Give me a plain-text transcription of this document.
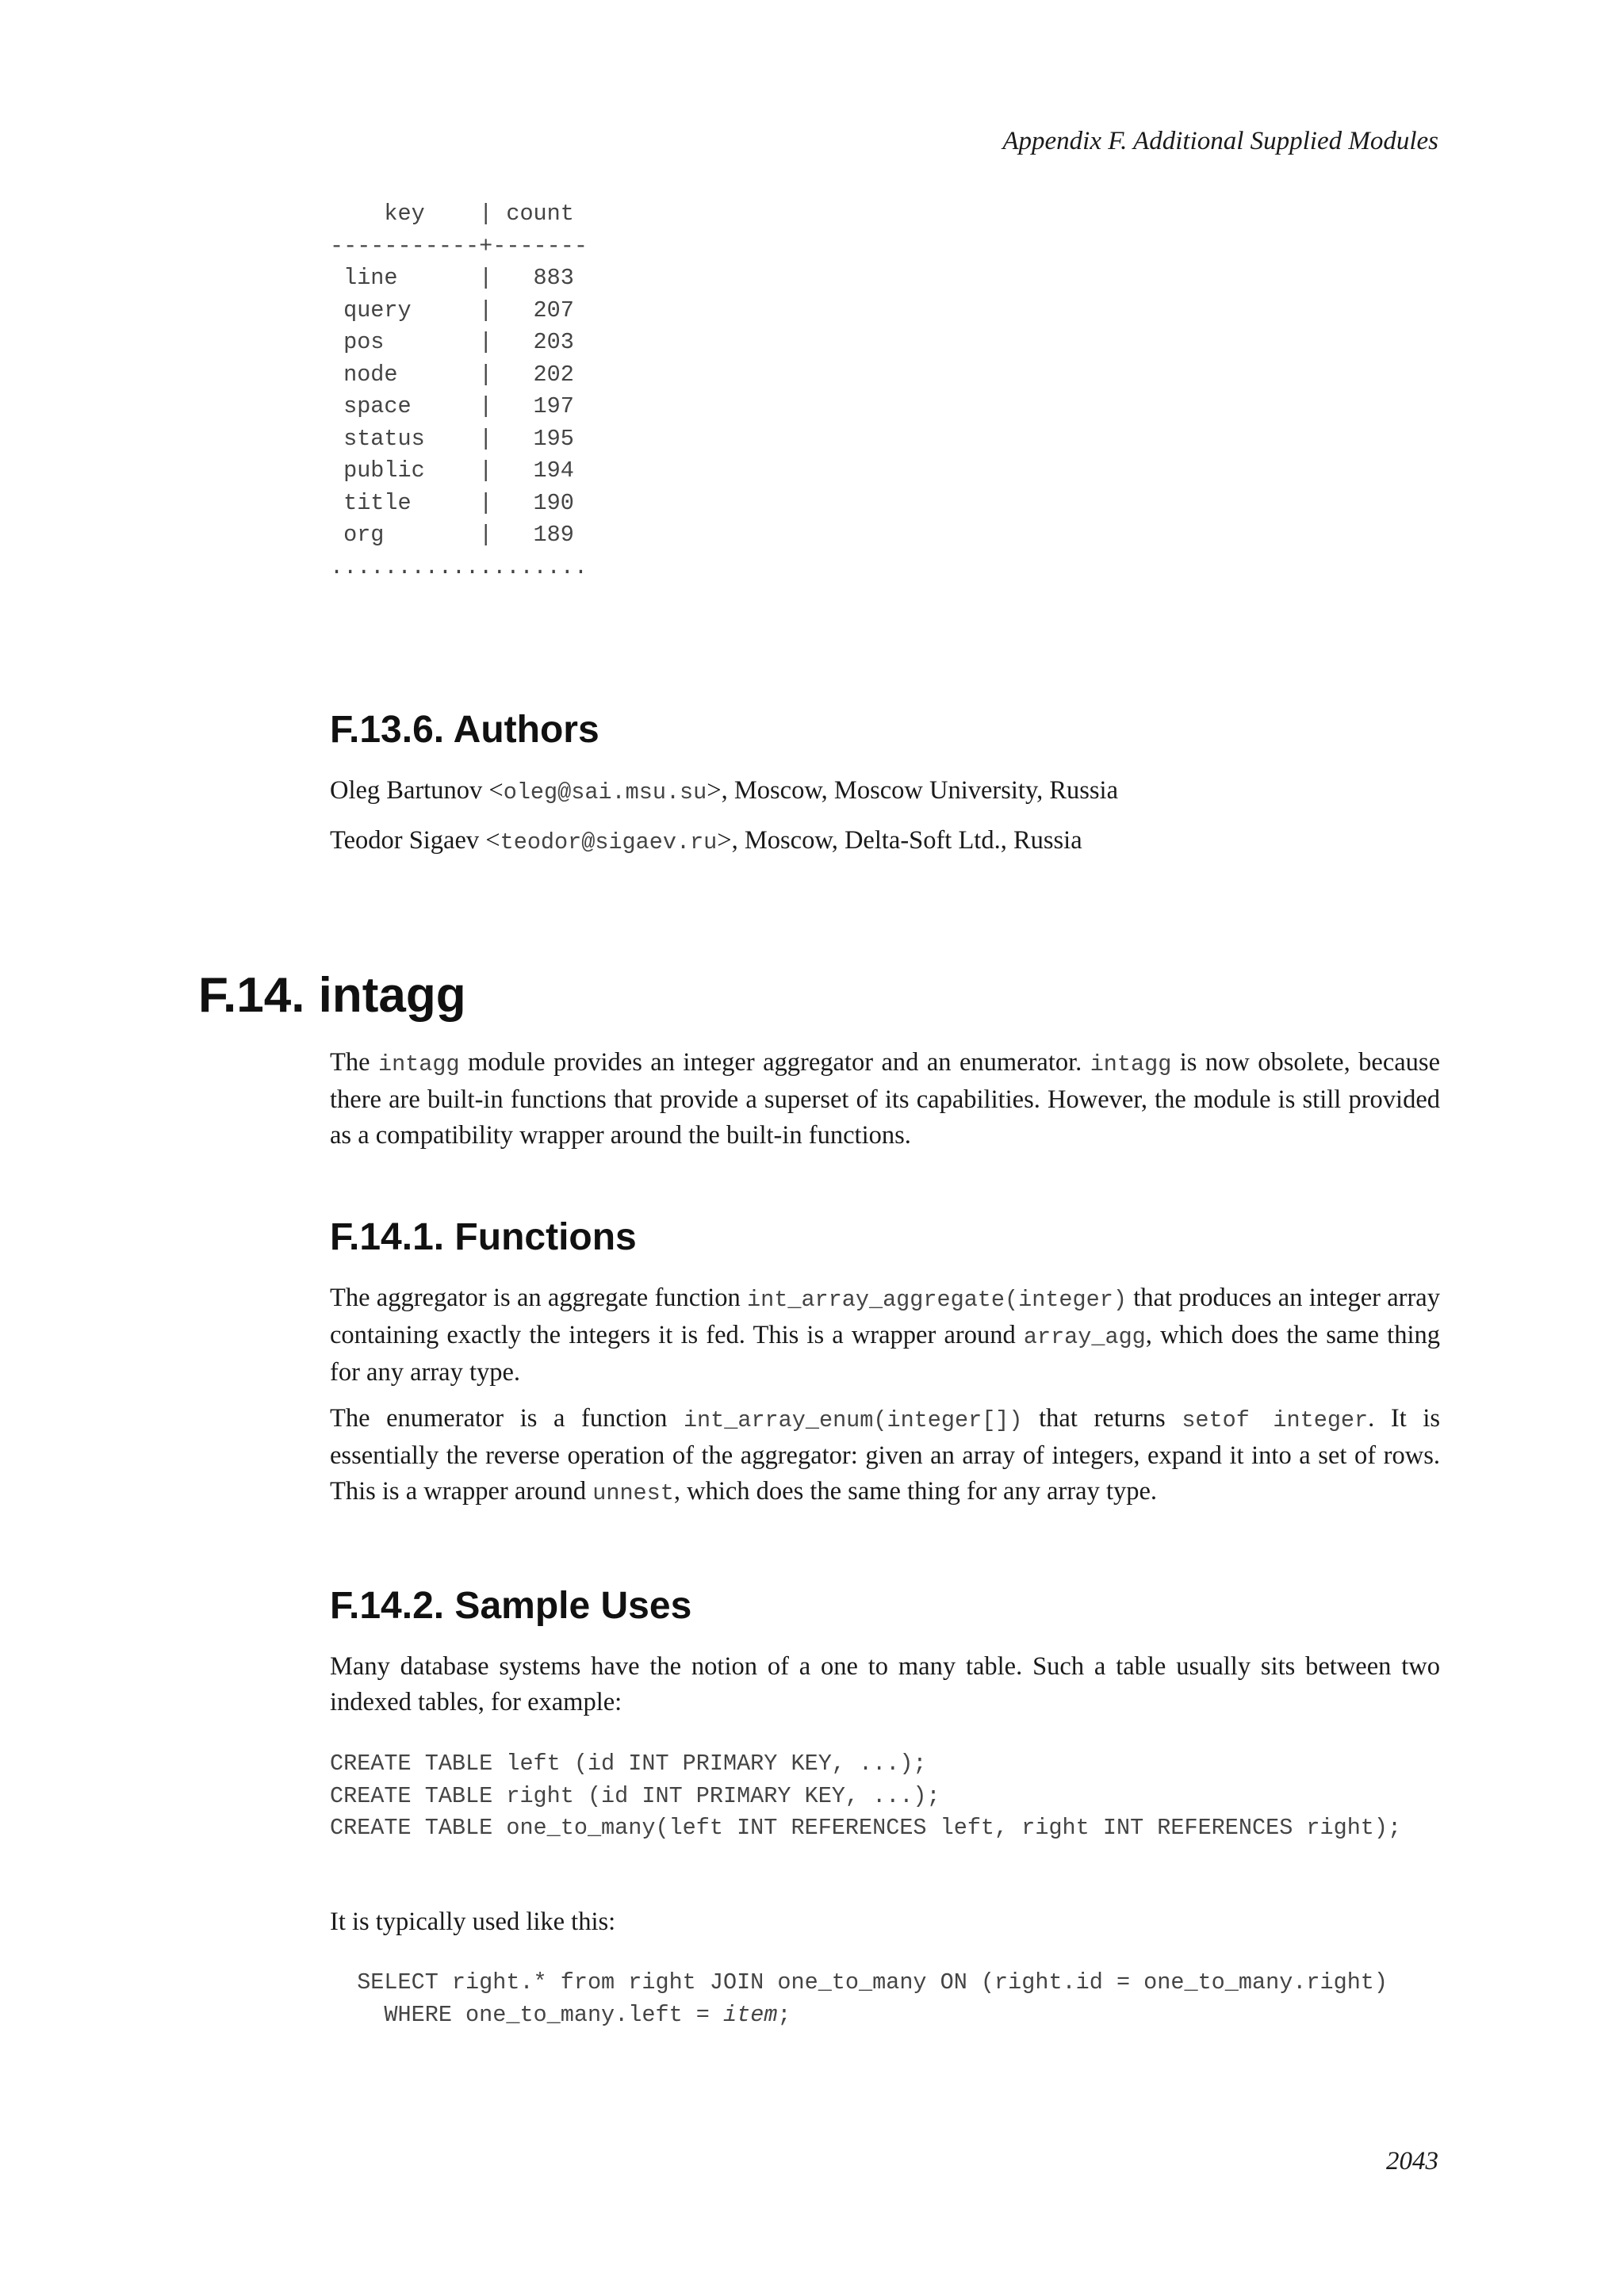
Appendix F. Additional Supplied Modules
key    | count
-----------+-------
line      |   883
query     |   207
pos       |   203
node      |   202
space     |   197
status    |   195
public    |   194
title     |   190
org       |   189
...................
F.13.6. Authors

Oleg Bartunov <oleg@sai.msu.su>, Moscow, Moscow University, Russia

Teodor Sigaev <teodor@sigaev.ru>, Moscow, Delta-Soft Ltd., Russia

F.14. intagg

The intagg module provides an integer aggregator and an enumerator. intagg is now obsolete, because there are built-in functions that provide a superset of its capabilities. However, the module is still provided as a compatibility wrapper around the built-in functions.

F.14.1. Functions

The aggregator is an aggregate function int_array_aggregate(integer) that produces an integer array containing exactly the integers it is fed. This is a wrapper around array_agg, which does the same thing for any array type.

The enumerator is a function int_array_enum(integer[]) that returns setof integer. It is essentially the reverse operation of the aggregator: given an array of integers, expand it into a set of rows. This is a wrapper around unnest, which does the same thing for any array type.

F.14.2. Sample Uses

Many database systems have the notion of a one to many table. Such a table usually sits between two indexed tables, for example:

CREATE TABLE left (id INT PRIMARY KEY, ...);
CREATE TABLE right (id INT PRIMARY KEY, ...);
CREATE TABLE one_to_many(left INT REFERENCES left, right INT REFERENCES right);

It is typically used like this:

SELECT right.* from right JOIN one_to_many ON (right.id = one_to_many.right)
WHERE one_to_many.left = item;
2043
